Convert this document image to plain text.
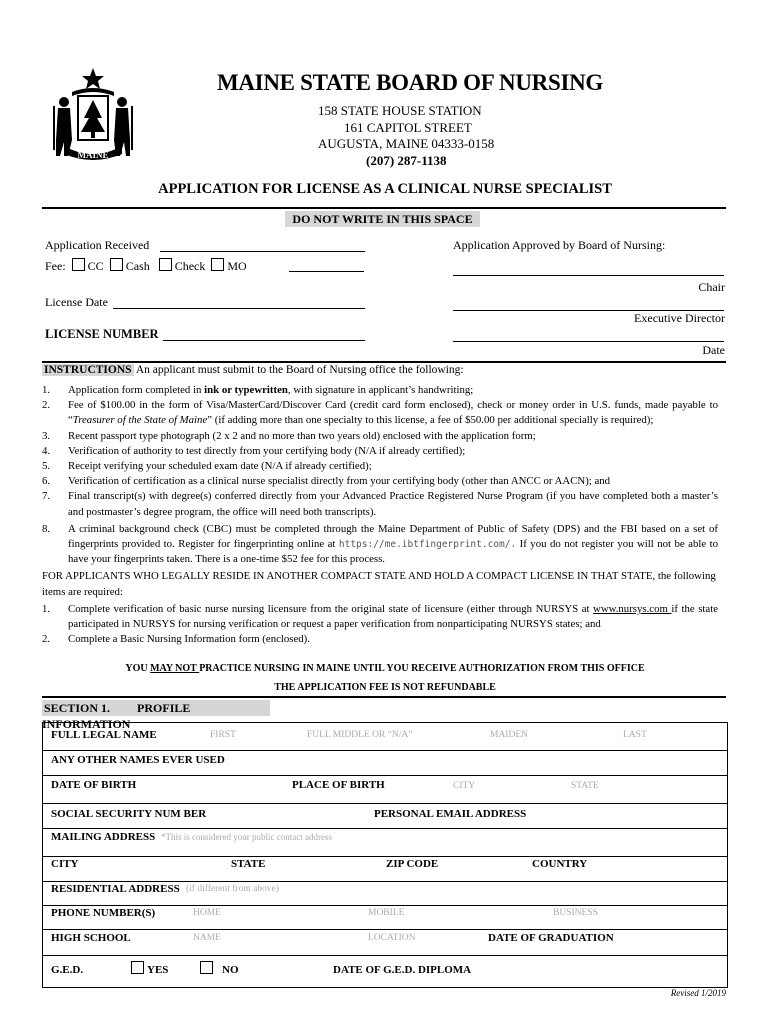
MAINE
MAINE STATE BOARD OF NURSING
158 STATE HOUSE STATION
161 CAPITOL STREET
AUGUSTA, MAINE 04333-0158
(207) 287-1138
APPLICATION FOR LICENSE AS A CLINICAL NURSE SPECIALIST
DO NOT WRITE IN THIS SPACE
Application Received
Fee: CC Cash Check MO
License Date
LICENSE NUMBER
Application Approved by Board of Nursing:
Chair
Executive Director
Date
INSTRUCTIONS An applicant must submit to the Board of Nursing office the following:
1. Application form completed in ink or typewritten, with signature in applicant’s handwriting;
2. Fee of $100.00 in the form of Visa/MasterCard/Discover Card (credit card form enclosed), check or money order in U.S. funds, made payable to “Treasurer of the State of Maine” (if adding more than one specialty to this license, a fee of $50.00 per additional specially is required);
3. Recent passport type photograph (2 x 2 and no more than two years old) enclosed with the application form;
4. Verification of authority to test directly from your certifying body (N/A if already certified);
5. Receipt verifying your scheduled exam date (N/A if already certified);
6. Verification of certification as a clinical nurse specialist directly from your certifying body (other than ANCC or AACN); and
7. Final transcript(s) with degree(s) conferred directly from your Advanced Practice Registered Nurse Program (if you have completed both a master’s and postmaster’s degree program, the office will need both transcripts).
8. A criminal background check (CBC) must be completed through the Maine Department of Public of Safety (DPS) and the FBI based on a set of fingerprints provided to. Register for fingerprinting online at https://me.ibtfingerprint.com/. If you do not register you will not be able to have your fingerprints taken. There is a one-time $52 fee for this process.
FOR APPLICANTS WHO LEGALLY RESIDE IN ANOTHER COMPACT STATE AND HOLD A COMPACT LICENSE IN THAT STATE, the following items are required:
1. Complete verification of basic nurse nursing licensure from the original state of licensure (either through NURSYS at www.nursys.com if the state participated in NURSYS for nursing verification or request a paper verification from nonparticipating NURSYS states; and
2. Complete a Basic Nursing Information form (enclosed).
YOU MAY NOT PRACTICE NURSING IN MAINE UNTIL YOU RECEIVE AUTHORIZATION FROM THIS OFFICE
THE APPLICATION FEE IS NOT REFUNDABLE
SECTION 1. PROFILE INFORMATION
FULL LEGAL NAME	FIRST	FULL MIDDLE OR “N/A”	MAIDEN	LAST
ANY OTHER NAMES EVER USED
DATE OF BIRTH	PLACE OF BIRTH	CITY	STATE
SOCIAL SECURITY NUM BER	PERSONAL EMAIL ADDRESS
MAILING ADDRESS *This is considered your public contact address
CITY	STATE	ZIP CODE	COUNTRY
RESIDENTIAL ADDRESS (if different from above)
PHONE NUMBER(S)	HOME	MOBILE	BUSINESS
HIGH SCHOOL	NAME	LOCATION	DATE OF GRADUATION
G.E.D.	YES	NO	DATE OF G.E.D. DIPLOMA
Revised 1/2019
